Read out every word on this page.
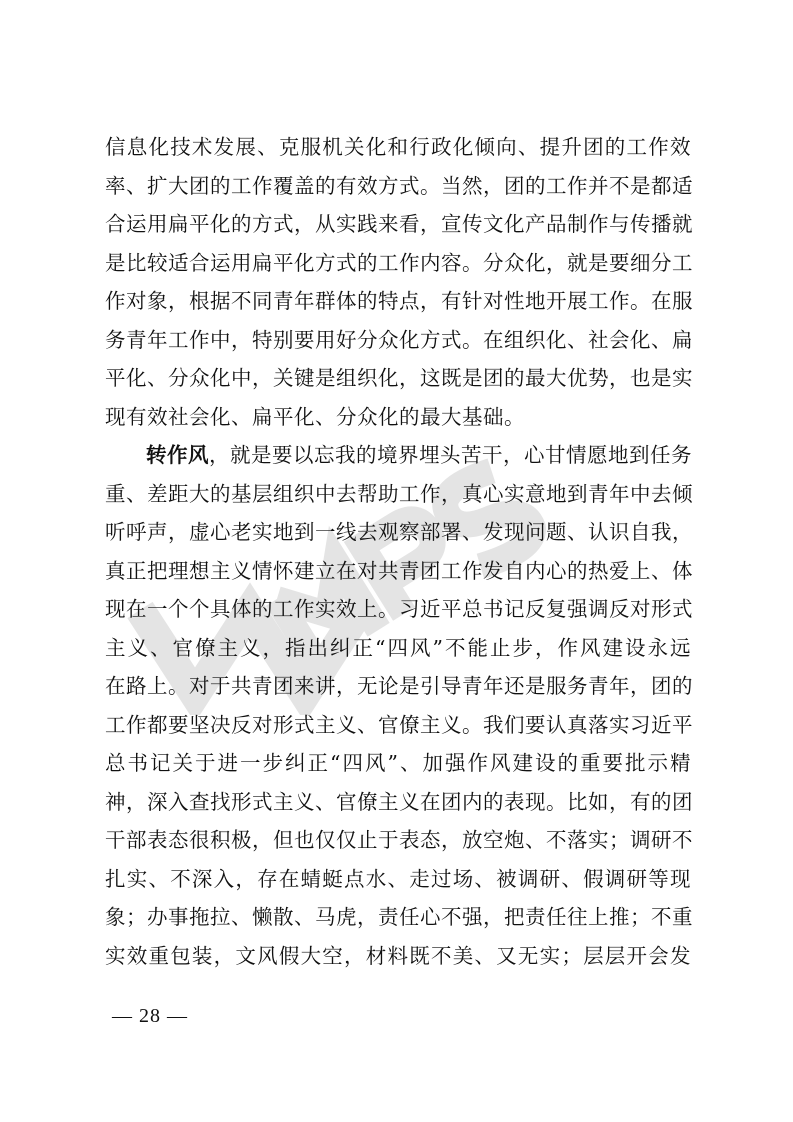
信息化技术发展、克服机关化和行政化倾向、提升团的工作效
率、扩大团的工作覆盖的有效方式。当然，团的工作并不是都适
合运用扁平化的方式，从实践来看，宣传文化产品制作与传播就
是比较适合运用扁平化方式的工作内容。分众化，就是要细分工
作对象，根据不同青年群体的特点，有针对性地开展工作。在服
务青年工作中，特别要用好分众化方式。在组织化、社会化、扁
平化、分众化中，关键是组织化，这既是团的最大优势，也是实
现有效社会化、扁平化、分众化的最大基础。
转作风，就是要以忘我的境界埋头苦干，心甘情愿地到任务
重、差距大的基层组织中去帮助工作，真心实意地到青年中去倾
听呼声，虚心老实地到一线去观察部署、发现问题、认识自我，
真正把理想主义情怀建立在对共青团工作发自内心的热爱上、体
现在一个个具体的工作实效上。习近平总书记反复强调反对形式
主义、官僚主义，指出纠正“四风”不能止步，作风建设永远
在路上。对于共青团来讲，无论是引导青年还是服务青年，团的
工作都要坚决反对形式主义、官僚主义。我们要认真落实习近平
总书记关于进一步纠正“四风”、加强作风建设的重要批示精
神，深入查找形式主义、官僚主义在团内的表现。比如，有的团
干部表态很积极，但也仅仅止于表态，放空炮、不落实；调研不
扎实、不深入，存在蜻蜓点水、走过场、被调研、假调研等现
象；办事拖拉、懒散、马虎，责任心不强，把责任往上推；不重
实效重包装，文风假大空，材料既不美、又无实；层层开会发
— 28 —
